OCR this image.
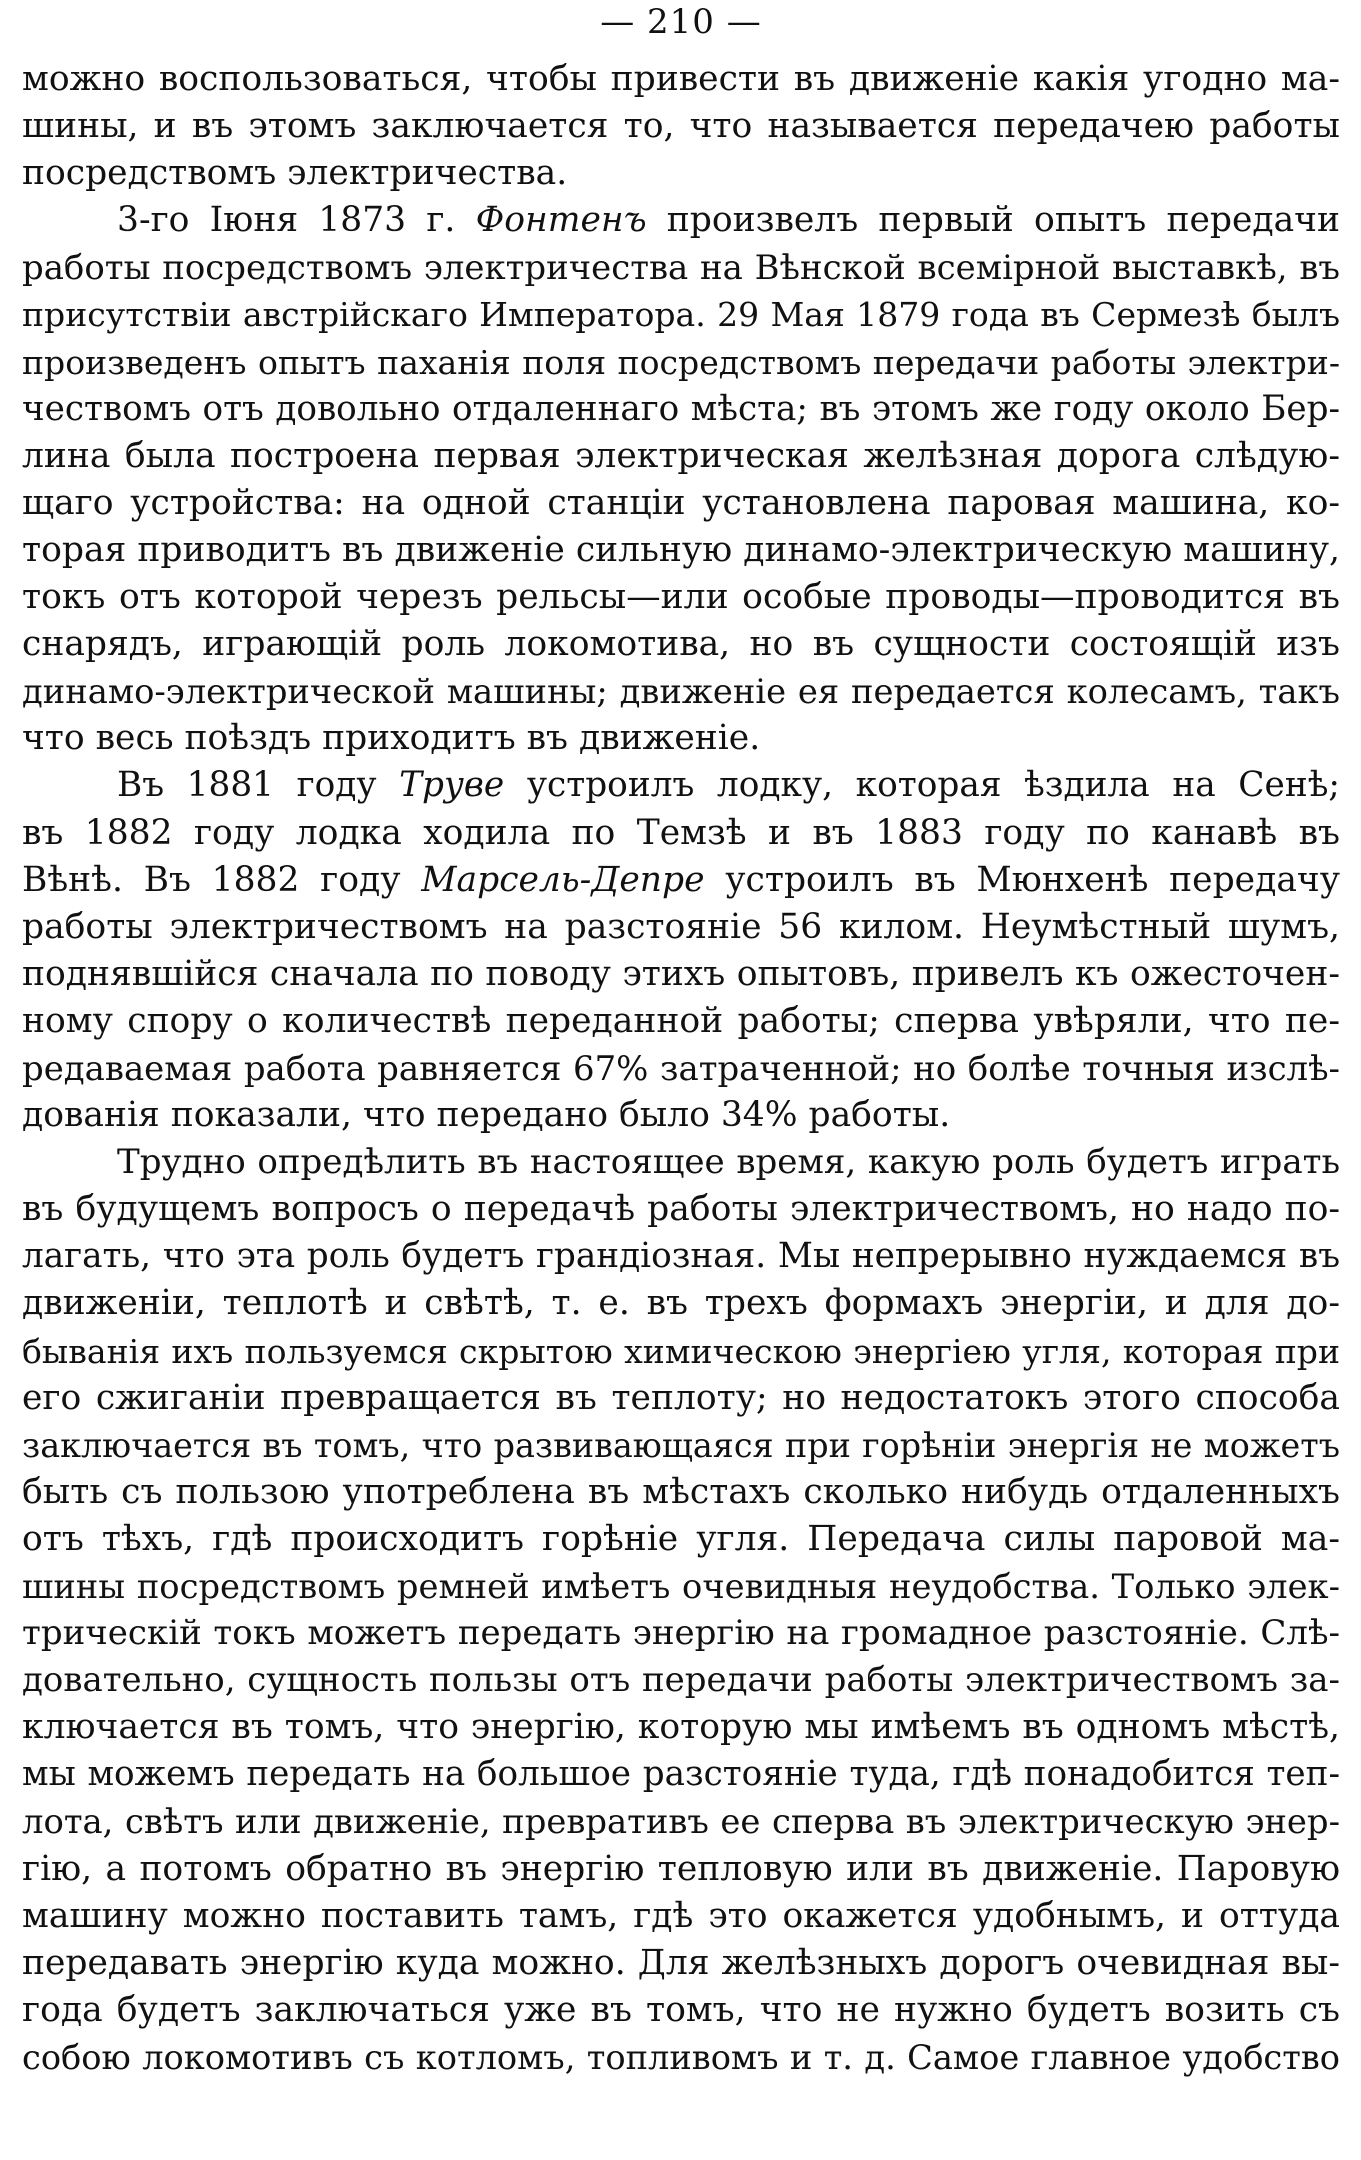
— 210 —
можно воспользоваться, чтобы привести въ движенiе какiя угодно ма-
шины, и въ этомъ заключается то, что называется передачею работы
посредствомъ электричества.
3-го Iюня 1873 г. Фонтенъ произвелъ первый опытъ передачи
работы посредствомъ электричества на Вѣнской всемiрной выставкѣ, въ
присутствiи австрiйскаго Императора. 29 Мая 1879 года въ Сермезѣ былъ
произведенъ опытъ паханiя поля посредствомъ передачи работы электри-
чествомъ отъ довольно отдаленнаго мѣста; въ этомъ же году около Бер-
лина была построена первая электрическая желѣзная дорога слѣдую-
щаго устройства: на одной станцiи установлена паровая машина, ко-
торая приводитъ въ движенiе сильную динамо-электрическую машину,
токъ отъ которой черезъ рельсы—или особые проводы—проводится въ
снарядъ, играющiй роль локомотива, но въ сущности состоящiй изъ
динамо-электрической машины; движенiе ея передается колесамъ, такъ
что весь поѣздъ приходитъ въ движенiе.
Въ 1881 году Труве устроилъ лодку, которая ѣздила на Сенѣ;
въ 1882 году лодка ходила по Темзѣ и въ 1883 году по канавѣ въ
Вѣнѣ. Въ 1882 году Марсель-Депре устроилъ въ Мюнхенѣ передачу
работы электричествомъ на разстоянiе 56 килом. Неумѣстный шумъ,
поднявшiйся сначала по поводу этихъ опытовъ, привелъ къ ожесточен-
ному спору о количествѣ переданной работы; сперва увѣряли, что пе-
редаваемая работа равняется 67% затраченной; но болѣе точныя изслѣ-
дованiя показали, что передано было 34% работы.
Трудно опредѣлить въ настоящее время, какую роль будетъ играть
въ будущемъ вопросъ о передачѣ работы электричествомъ, но надо по-
лагать, что эта роль будетъ грандiозная. Мы непрерывно нуждаемся въ
движенiи, теплотѣ и свѣтѣ, т. е. въ трехъ формахъ энергiи, и для до-
быванiя ихъ пользуемся скрытою химическою энергiею угля, которая при
его сжиганiи превращается въ теплоту; но недостатокъ этого способа
заключается въ томъ, что развивающаяся при горѣнiи энергiя не можетъ
быть съ пользою употреблена въ мѣстахъ сколько нибудь отдаленныхъ
отъ тѣхъ, гдѣ происходитъ горѣнiе угля. Передача силы паровой ма-
шины посредствомъ ремней имѣетъ очевидныя неудобства. Только элек-
трическiй токъ можетъ передать энергiю на громадное разстоянiе. Слѣ-
довательно, сущность пользы отъ передачи работы электричествомъ за-
ключается въ томъ, что энергiю, которую мы имѣемъ въ одномъ мѣстѣ,
мы можемъ передать на большое разстоянiе туда, гдѣ понадобится теп-
лота, свѣтъ или движенiе, превративъ ее сперва въ электрическую энер-
гiю, а потомъ обратно въ энергiю тепловую или въ движенiе. Паровую
машину можно поставить тамъ, гдѣ это окажется удобнымъ, и оттуда
передавать энергiю куда можно. Для желѣзныхъ дорогъ очевидная вы-
года будетъ заключаться уже въ томъ, что не нужно будетъ возить съ
собою локомотивъ съ котломъ, топливомъ и т. д. Самое главное удобство
